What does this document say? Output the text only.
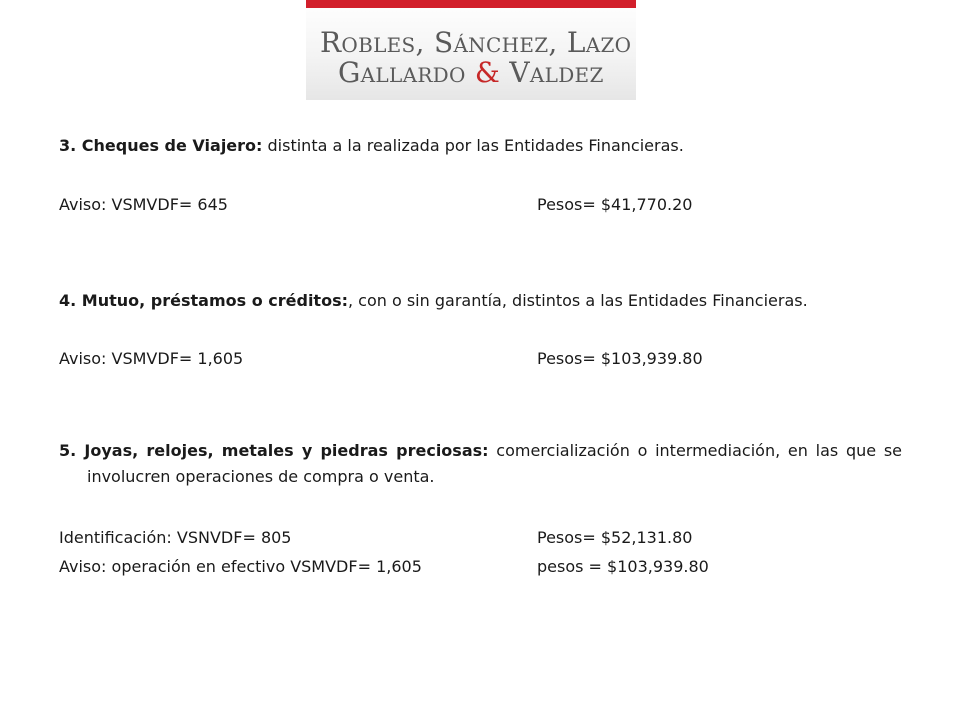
Robles, Sánchez, Lazo
Gallardo & Valdez
3. Cheques de Viajero: distinta a la realizada por las Entidades Financieras.
Aviso: VSMVDF= 645	Pesos= $41,770.20
4. Mutuo, préstamos o créditos:, con o sin garantía, distintos a las Entidades Financieras.
Aviso: VSMVDF= 1,605	Pesos= $103,939.80
5. Joyas, relojes, metales y piedras preciosas: comercialización o intermediación, en las que se involucren operaciones de compra o venta.
Identificación: VSNVDF= 805	Pesos= $52,131.80
Aviso: operación en efectivo VSMVDF= 1,605	pesos = $103,939.80
